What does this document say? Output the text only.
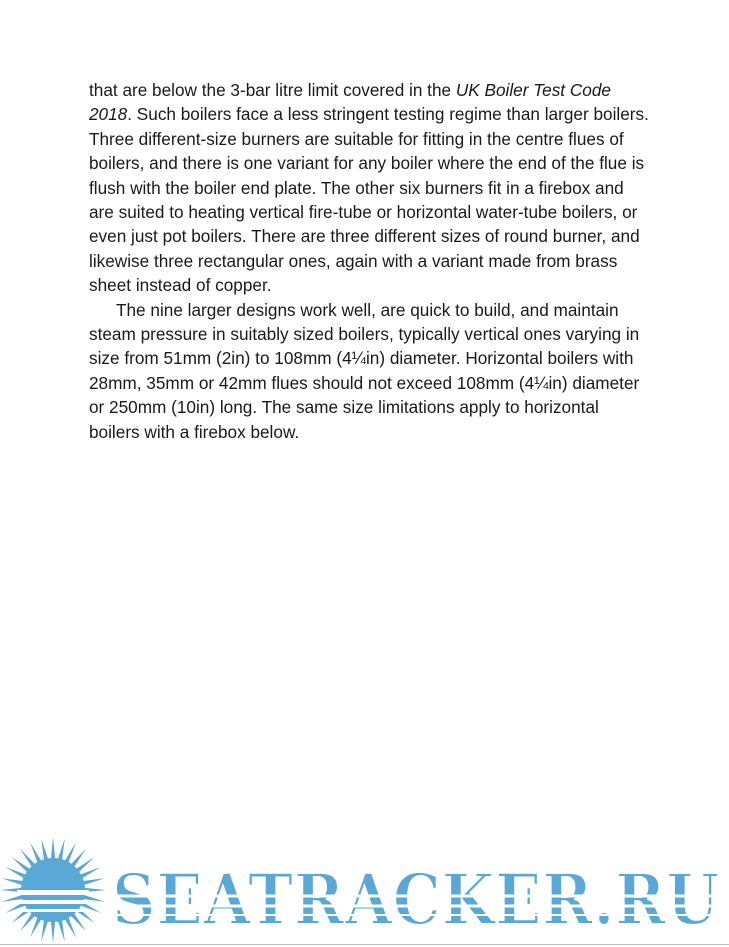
that are below the 3-bar litre limit covered in the UK Boiler Test Code 2018. Such boilers face a less stringent testing regime than larger boilers. Three different-size burners are suitable for fitting in the centre flues of boilers, and there is one variant for any boiler where the end of the flue is flush with the boiler end plate. The other six burners fit in a firebox and are suited to heating vertical fire-tube or horizontal water-tube boilers, or even just pot boilers. There are three different sizes of round burner, and likewise three rectangular ones, again with a variant made from brass sheet instead of copper.

The nine larger designs work well, are quick to build, and maintain steam pressure in suitably sized boilers, typically vertical ones varying in size from 51mm (2in) to 108mm (4¼in) diameter. Horizontal boilers with 28mm, 35mm or 42mm flues should not exceed 108mm (4¼in) diameter or 250mm (10in) long. The same size limitations apply to horizontal boilers with a firebox below.

SEATRACKER.RU
